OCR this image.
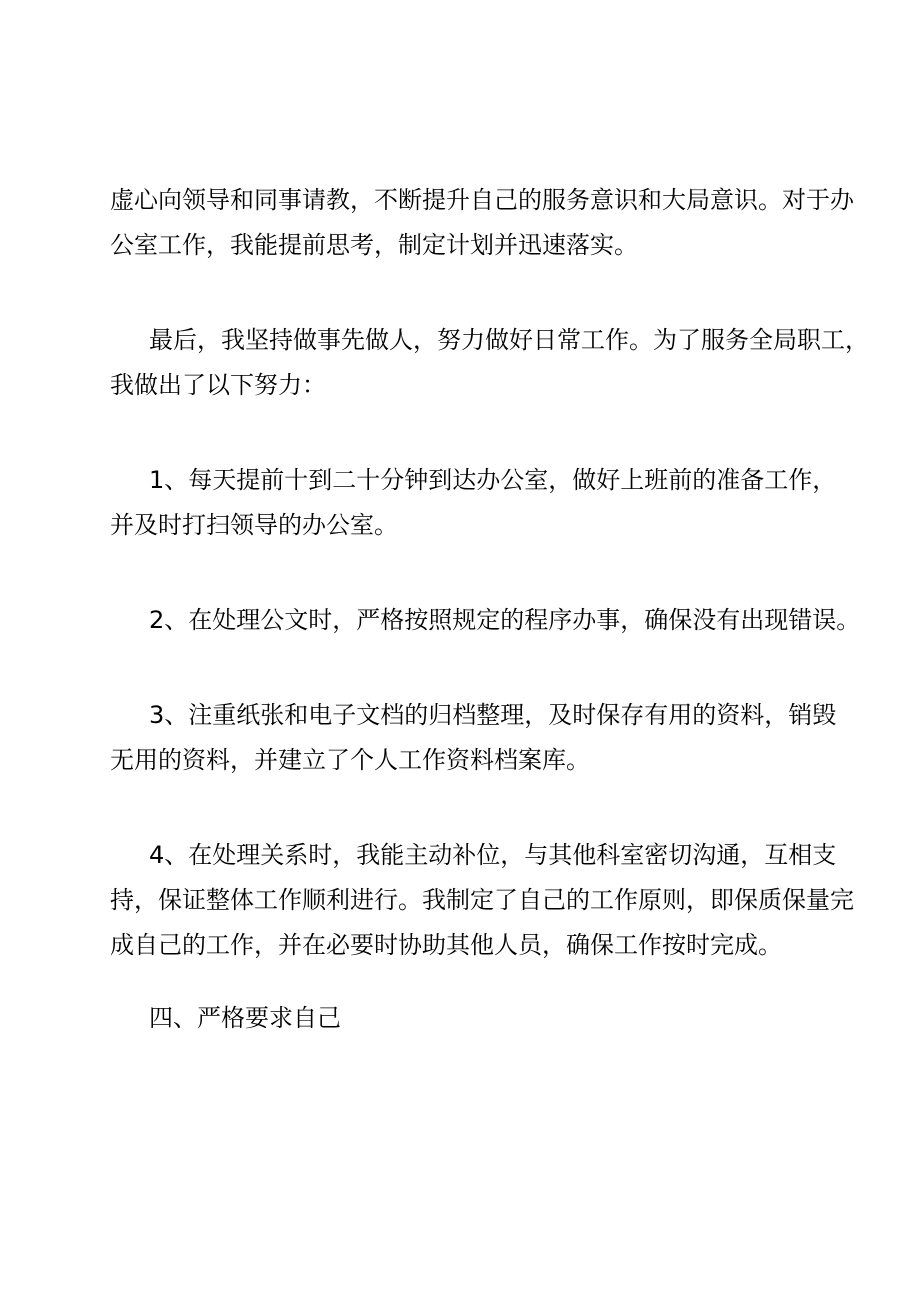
虚心向领导和同事请教，不断提升自己的服务意识和大局意识。对于办
公室工作，我能提前思考，制定计划并迅速落实。

最后，我坚持做事先做人，努力做好日常工作。为了服务全局职工，
我做出了以下努力：

1、每天提前十到二十分钟到达办公室，做好上班前的准备工作，
并及时打扫领导的办公室。

2、在处理公文时，严格按照规定的程序办事，确保没有出现错误。

3、注重纸张和电子文档的归档整理，及时保存有用的资料，销毁
无用的资料，并建立了个人工作资料档案库。

4、在处理关系时，我能主动补位，与其他科室密切沟通，互相支
持，保证整体工作顺利进行。我制定了自己的工作原则，即保质保量完
成自己的工作，并在必要时协助其他人员，确保工作按时完成。

四、严格要求自己
